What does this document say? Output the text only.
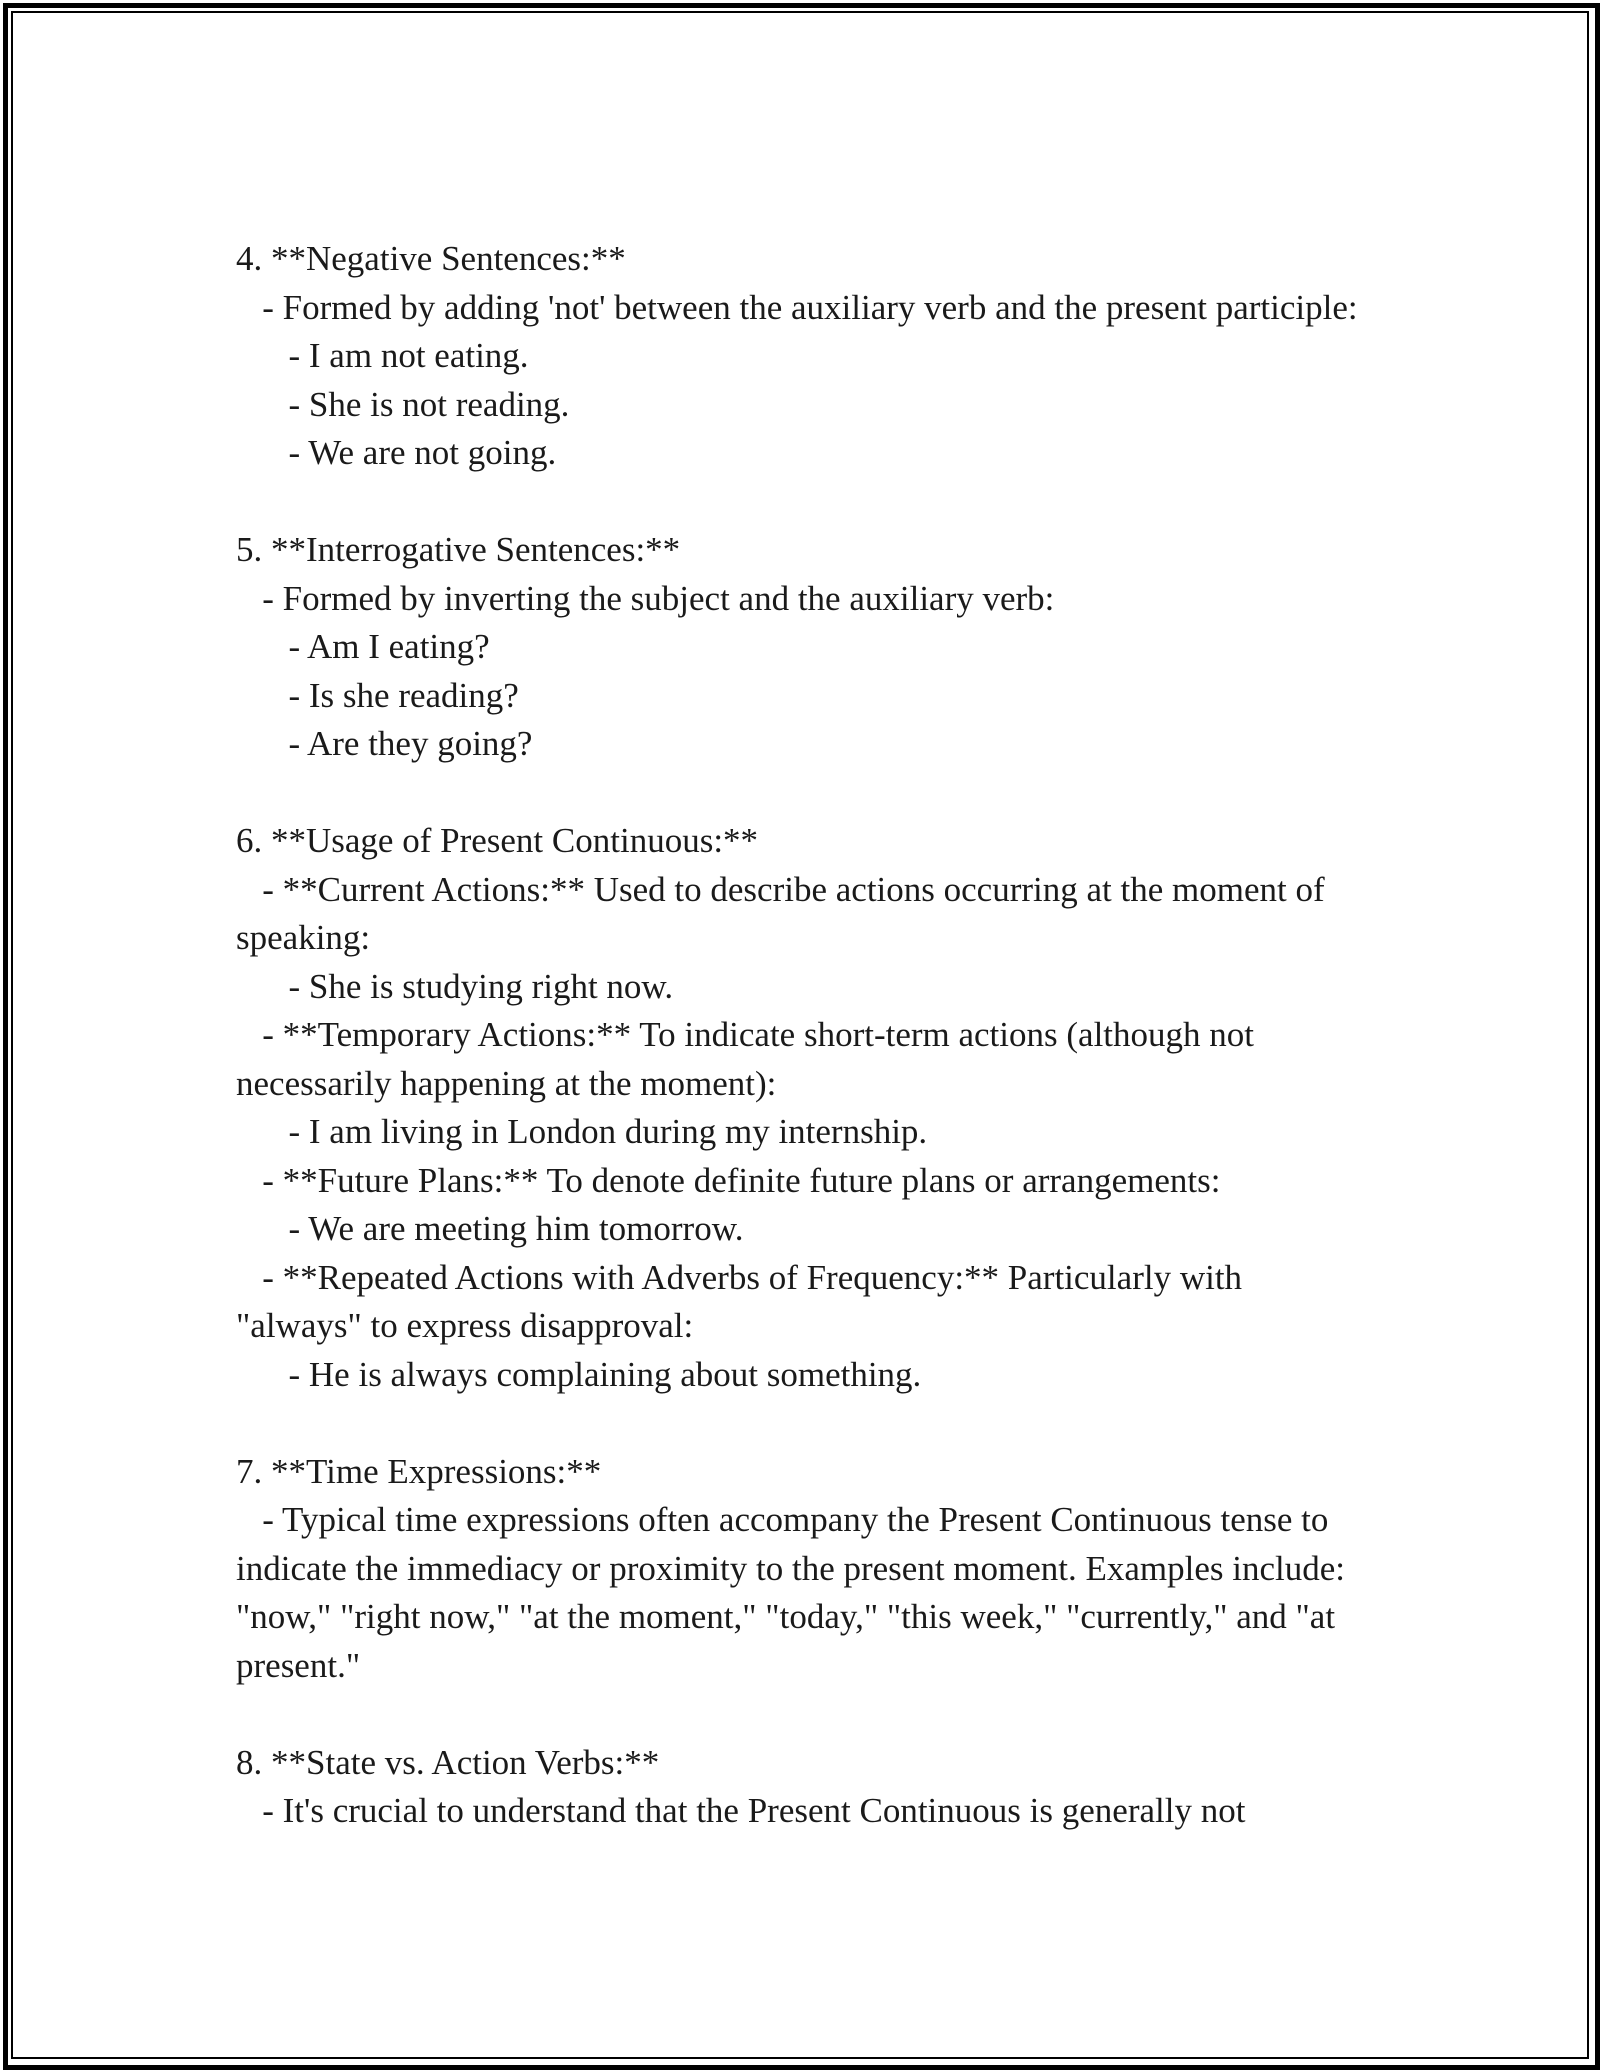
4. **Negative Sentences:**

- Formed by adding 'not' between the auxiliary verb and the present participle:

- I am not eating.

- She is not reading.

- We are not going.

5. **Interrogative Sentences:**

- Formed by inverting the subject and the auxiliary verb:

- Am I eating?

- Is she reading?

- Are they going?

6. **Usage of Present Continuous:**

- **Current Actions:** Used to describe actions occurring at the moment of speaking:

- She is studying right now.

- **Temporary Actions:** To indicate short-term actions (although not necessarily happening at the moment):

- I am living in London during my internship.

- **Future Plans:** To denote definite future plans or arrangements:

- We are meeting him tomorrow.

- **Repeated Actions with Adverbs of Frequency:** Particularly with "always" to express disapproval:

- He is always complaining about something.

7. **Time Expressions:**

- Typical time expressions often accompany the Present Continuous tense to indicate the immediacy or proximity to the present moment. Examples include: "now," "right now," "at the moment," "today," "this week," "currently," and "at present."

8. **State vs. Action Verbs:**

- It's crucial to understand that the Present Continuous is generally not
